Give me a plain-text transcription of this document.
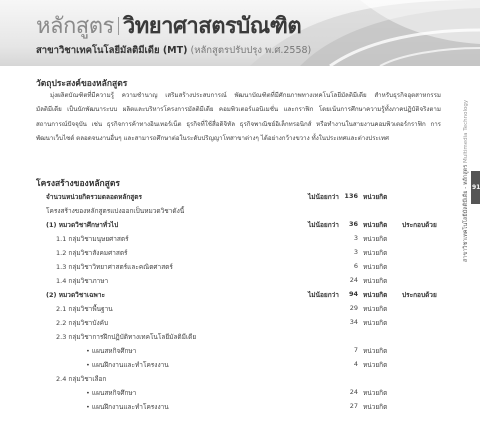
หลักสูตร วิทยาศาสตรบัณฑิต
สาขาวิชาเทคโนโลยีมัลติมีเดีย (MT) (หลักสูตรปรับปรุง พ.ศ.2558)
วัตถุประสงค์ของหลักสูตร

มุ่งผลิตบัณฑิตที่มีความรู้ ความชำนาญ เสริมสร้างประสบการณ์ พัฒนาบัณฑิตที่มีศักยภาพทางเทคโนโลยีมัลติมีเดีย สำหรับธุรกิจอุตสาหกรรมมัลติมีเดีย เป็นนักพัฒนาระบบ ผลิตและบริหารโครงการมัลติมีเดีย คอมพิวเตอร์แอนิเมชั่น และกราฟิก โดยเน้นการศึกษาความรู้ทั้งภาคปฏิบัติจริงตามสถานการณ์ปัจจุบัน เช่น ธุรกิจการค้าทางอินเทอร์เน็ต ธุรกิจที่ใช้สื่อดิจิทัล ธุรกิจพาณิชย์อิเล็กทรอนิกส์ หรือทำงานในสายงานคอมพิวเตอร์กราฟิก การพัฒนาเว็บไซต์ ตลอดจนงานอื่นๆ และสามารถศึกษาต่อในระดับปริญญาโทสาขาต่างๆ ได้อย่างกว้างขวาง ทั้งในประเทศและต่างประเทศ

โครงสร้างของหลักสูตร
จำนวนหน่วยกิตรวมตลอดหลักสูตร	ไม่น้อยกว่า 136 หน่วยกิต
โครงสร้างของหลักสูตรแบ่งออกเป็นหมวดวิชาดังนี้
(1) หมวดวิชาศึกษาทั่วไป	ไม่น้อยกว่า	36 หน่วยกิต ประกอบด้วย
1.1 กลุ่มวิชามนุษยศาสตร์	3 หน่วยกิต
1.2 กลุ่มวิชาสังคมศาสตร์	3 หน่วยกิต
1.3 กลุ่มวิชาวิทยาศาสตร์และคณิตศาสตร์	6 หน่วยกิต
1.4 กลุ่มวิชาภาษา	24 หน่วยกิต
(2) หมวดวิชาเฉพาะ	ไม่น้อยกว่า	94 หน่วยกิต ประกอบด้วย
2.1 กลุ่มวิชาพื้นฐาน	29 หน่วยกิต
2.2 กลุ่มวิชาบังคับ	34 หน่วยกิต
2.3 กลุ่มวิชาการฝึกปฏิบัติทางเทคโนโลยีมัลติมีเดีย
• แผนสหกิจศึกษา	7 หน่วยกิต
• แผนฝึกงานและทำโครงงาน	4 หน่วยกิต
2.4 กลุ่มวิชาเลือก
• แผนสหกิจศึกษา	24 หน่วยกิต
• แผนฝึกงานและทำโครงงาน	27 หน่วยกิต
91
สาขาวิชาเทคโนโลยีมัลติมีเดีย - หลักสูตร Multimedia Technology
